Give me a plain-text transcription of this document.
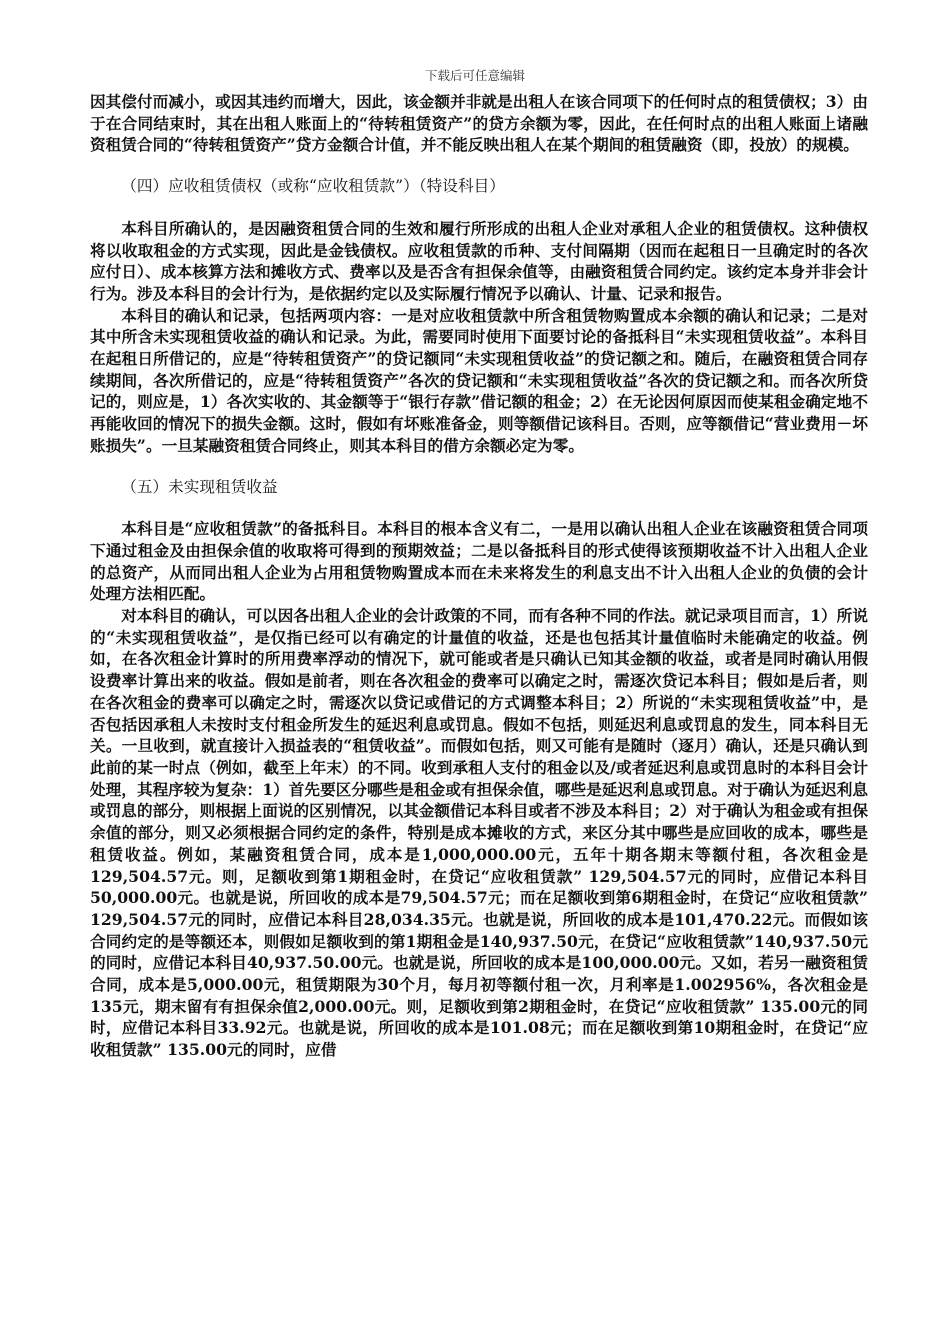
下载后可任意编辑

因其偿付而减小，或因其违约而增大，因此，该金额并非就是出租人在该合同项下的任何时点的租赁债权；3）由于在合同结束时，其在出租人账面上的“待转租赁资产”的贷方余额为零，因此，在任何时点的出租人账面上诸融资租赁合同的“待转租赁资产”贷方金额合计值，并不能反映出租人在某个期间的租赁融资（即，投放）的规模。

（四）应收租赁债权（或称“应收租赁款”）（特设科目）

本科目所确认的，是因融资租赁合同的生效和履行所形成的出租人企业对承租人企业的租赁债权。这种债权将以收取租金的方式实现，因此是金钱债权。应收租赁款的币种、支付间隔期（因而在起租日一旦确定时的各次应付日）、成本核算方法和摊收方式、费率以及是否含有担保余值等，由融资租赁合同约定。该约定本身并非会计行为。涉及本科目的会计行为，是依据约定以及实际履行情况予以确认、计量、记录和报告。

本科目的确认和记录，包括两项内容：一是对应收租赁款中所含租赁物购置成本余额的确认和记录；二是对其中所含未实现租赁收益的确认和记录。为此，需要同时使用下面要讨论的备抵科目“未实现租赁收益”。本科目在起租日所借记的，应是“待转租赁资产”的贷记额同“未实现租赁收益”的贷记额之和。随后，在融资租赁合同存续期间，各次所借记的，应是“待转租赁资产”各次的贷记额和“未实现租赁收益”各次的贷记额之和。而各次所贷记的，则应是，1）各次实收的、其金额等于“银行存款”借记额的租金；2）在无论因何原因而使某租金确定地不再能收回的情况下的损失金额。这时，假如有坏账准备金，则等额借记该科目。否则，应等额借记“营业费用－坏账损失”。一旦某融资租赁合同终止，则其本科目的借方余额必定为零。

（五）未实现租赁收益

本科目是“应收租赁款”的备抵科目。本科目的根本含义有二，一是用以确认出租人企业在该融资租赁合同项下通过租金及由担保余值的收取将可得到的预期效益；二是以备抵科目的形式使得该预期收益不计入出租人企业的总资产，从而同出租人企业为占用租赁物购置成本而在未来将发生的利息支出不计入出租人企业的负债的会计处理方法相匹配。

对本科目的确认，可以因各出租人企业的会计政策的不同，而有各种不同的作法。就记录项目而言，1）所说的“未实现租赁收益”，是仅指已经可以有确定的计量值的收益，还是也包括其计量值临时未能确定的收益。例如，在各次租金计算时的所用费率浮动的情况下，就可能或者是只确认已知其金额的收益，或者是同时确认用假设费率计算出来的收益。假如是前者，则在各次租金的费率可以确定之时，需逐次贷记本科目；假如是后者，则在各次租金的费率可以确定之时，需逐次以贷记或借记的方式调整本科目；2）所说的“未实现租赁收益”中，是否包括因承租人未按时支付租金所发生的延迟利息或罚息。假如不包括，则延迟利息或罚息的发生，同本科目无关。一旦收到，就直接计入损益表的“租赁收益”。而假如包括，则又可能有是随时（逐月）确认，还是只确认到此前的某一时点（例如，截至上年末）的不同。收到承租人支付的租金以及/或者延迟利息或罚息时的本科目会计处理，其程序较为复杂：1）首先要区分哪些是租金或有担保余值，哪些是延迟利息或罚息。对于确认为延迟利息或罚息的部分，则根据上面说的区别情况，以其金额借记本科目或者不涉及本科目；2）对于确认为租金或有担保余值的部分，则又必须根据合同约定的条件，特别是成本摊收的方式，来区分其中哪些是应回收的成本，哪些是租赁收益。例如，某融资租赁合同，成本是1,000,000.00元，五年十期各期末等额付租，各次租金是129,504.57元。则，足额收到第1期租金时，在贷记“应收租赁款” 129,504.57元的同时，应借记本科目50,000.00元。也就是说，所回收的成本是79,504.57元；而在足额收到第6期租金时，在贷记“应收租赁款” 129,504.57元的同时，应借记本科目28,034.35元。也就是说，所回收的成本是101,470.22元。而假如该合同约定的是等额还本，则假如足额收到的第1期租金是140,937.50元，在贷记“应收租赁款”140,937.50元的同时，应借记本科目40,937.50.00元。也就是说，所回收的成本是100,000.00元。又如，若另一融资租赁合同，成本是5,000.00元，租赁期限为30个月，每月初等额付租一次，月利率是1.002956%，各次租金是135元，期末留有有担保余值2,000.00元。则，足额收到第2期租金时，在贷记“应收租赁款” 135.00元的同时，应借记本科目33.92元。也就是说，所回收的成本是101.08元；而在足额收到第10期租金时，在贷记“应收租赁款” 135.00元的同时，应借
